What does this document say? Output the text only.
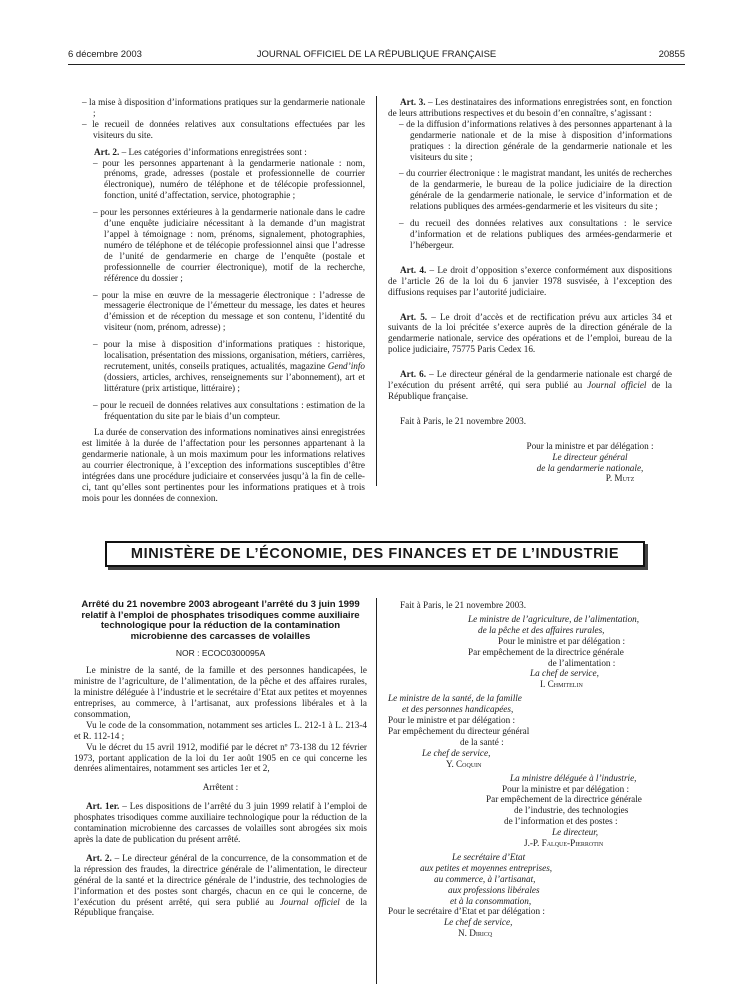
6 décembre 2003	JOURNAL OFFICIEL DE LA RÉPUBLIQUE FRANÇAISE	20855

– la mise à disposition d’informations pratiques sur la gendarmerie nationale ;

– le recueil de données relatives aux consultations effectuées par les visiteurs du site.

Art. 2. – Les catégories d’informations enregistrées sont :

– pour les personnes appartenant à la gendarmerie nationale : nom, prénoms, grade, adresses (postale et professionnelle de courrier électronique), numéro de téléphone et de télécopie professionnel, fonction, unité d’affectation, service, photographie ;

– pour les personnes extérieures à la gendarmerie nationale dans le cadre d’une enquête judiciaire nécessitant à la demande d’un magistrat l’appel à témoignage : nom, prénoms, signalement, photographies, numéro de téléphone et de télécopie professionnel ainsi que l’adresse de l’unité de gendarmerie en charge de l’enquête (postale et professionnelle de courrier électronique), motif de la recherche, référence du dossier ;

– pour la mise en œuvre de la messagerie électronique : l’adresse de messagerie électronique de l’émetteur du message, les dates et heures d’émission et de réception du message et son contenu, l’identité du visiteur (nom, prénom, adresse) ;

– pour la mise à disposition d’informations pratiques : historique, localisation, présentation des missions, organisation, métiers, carrières, recrutement, unités, conseils pratiques, actualités, magazine Gend’info (dossiers, articles, archives, renseignements sur l’abonnement), art et littérature (prix artistique, littéraire) ;

– pour le recueil de données relatives aux consultations : estimation de la fréquentation du site par le biais d’un compteur.

La durée de conservation des informations nominatives ainsi enregistrées est limitée à la durée de l’affectation pour les personnes appartenant à la gendarmerie nationale, à un mois maximum pour les informations relatives au courrier électronique, à l’exception des informations susceptibles d’être intégrées dans une procédure judiciaire et conservées jusqu’à la fin de celle-ci, tant qu’elles sont pertinentes pour les informations pratiques et à trois mois pour les données de connexion.

Art. 3. – Les destinataires des informations enregistrées sont, en fonction de leurs attributions respectives et du besoin d’en connaître, s’agissant :

– de la diffusion d’informations relatives à des personnes appartenant à la gendarmerie nationale et de la mise à disposition d’informations pratiques : la direction générale de la gendarmerie nationale et les visiteurs du site ;

– du courrier électronique : le magistrat mandant, les unités de recherches de la gendarmerie, le bureau de la police judiciaire de la direction générale de la gendarmerie nationale, le service d’information et de relations publiques des armées-gendarmerie et les visiteurs du site ;

– du recueil des données relatives aux consultations : le service d’information et de relations publiques des armées-gendarmerie et l’hébergeur.

Art. 4. – Le droit d’opposition s’exerce conformément aux dispositions de l’article 26 de la loi du 6 janvier 1978 susvisée, à l’exception des diffusions requises par l’autorité judiciaire.

Art. 5. – Le droit d’accès et de rectification prévu aux articles 34 et suivants de la loi précitée s’exerce auprès de la direction générale de la gendarmerie nationale, service des opérations et de l’emploi, bureau de la police judiciaire, 75775 Paris Cedex 16.

Art. 6. – Le directeur général de la gendarmerie nationale est chargé de l’exécution du présent arrêté, qui sera publié au Journal officiel de la République française.

Fait à Paris, le 21 novembre 2003.

Pour la ministre et par délégation :
Le directeur général
de la gendarmerie nationale,
P. Mutz
MINISTÈRE DE L’ÉCONOMIE, DES FINANCES ET DE L’INDUSTRIE

Arrêté du 21 novembre 2003 abrogeant l’arrêté du 3 juin 1999 relatif à l’emploi de phosphates trisodiques comme auxiliaire technologique pour la réduction de la contamination microbienne des carcasses de volailles

NOR : ECOC0300095A

Le ministre de la santé, de la famille et des personnes handicapées, le ministre de l’agriculture, de l’alimentation, de la pêche et des affaires rurales, la ministre déléguée à l’industrie et le secrétaire d’Etat aux petites et moyennes entreprises, au commerce, à l’artisanat, aux professions libérales et à la consommation,

Vu le code de la consommation, notamment ses articles L. 212-1 à L. 213-4 et R. 112-14 ;

Vu le décret du 15 avril 1912, modifié par le décret nº 73-138 du 12 février 1973, portant application de la loi du 1er août 1905 en ce qui concerne les denrées alimentaires, notamment ses articles 1er et 2,

Arrêtent :

Art. 1er. – Les dispositions de l’arrêté du 3 juin 1999 relatif à l’emploi de phosphates trisodiques comme auxiliaire technologique pour la réduction de la contamination microbienne des carcasses de volailles sont abrogées six mois après la date de publication du présent arrêté.

Art. 2. – Le directeur général de la concurrence, de la consommation et de la répression des fraudes, la directrice générale de l’alimentation, le directeur général de la santé et la directrice générale de l’industrie, des technologies de l’information et des postes sont chargés, chacun en ce qui le concerne, de l’exécution du présent arrêté, qui sera publié au Journal officiel de la République française.

Fait à Paris, le 21 novembre 2003.

Le ministre de l’agriculture, de l’alimentation,
de la pêche et des affaires rurales,
Pour le ministre et par délégation :
Par empêchement de la directrice générale
de l’alimentation :
La chef de service,
I. Chmitelin
Le ministre de la santé, de la famille
et des personnes handicapées,
Pour le ministre et par délégation :
Par empêchement du directeur général
de la santé :
Le chef de service,
Y. Coquin
La ministre déléguée à l’industrie,
Pour la ministre et par délégation :
Par empêchement de la directrice générale
de l’industrie, des technologies
de l’information et des postes :
Le directeur,
J.-P. Falque-Pierrotin
Le secrétaire d’Etat
aux petites et moyennes entreprises,
au commerce, à l’artisanat,
aux professions libérales
et à la consommation,
Pour le secrétaire d’Etat et par délégation :
Le chef de service,
N. Diricq
